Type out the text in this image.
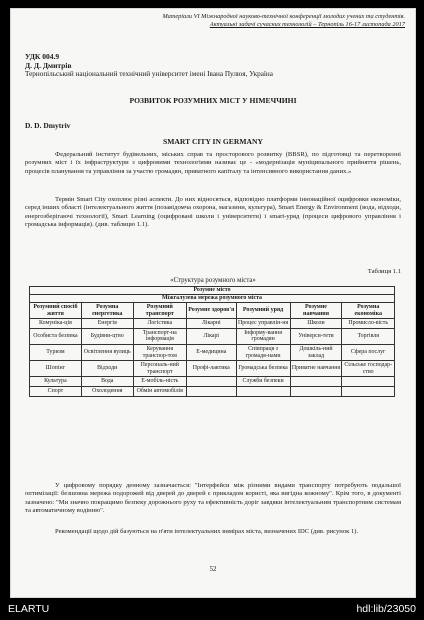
Матеріали VI Міжнародної науково-технічної конференції молодих учених та студентів.
Актуальні задачі сучасних технологій – Тернопіль 16-17 листопада 2017
УДК 004.9
Д. Д. Дмитрів
Тернопільський національний технічний університет імені Івана Пулюя, Україна
РОЗВИТОК РОЗУМНИХ МІСТ У НІМЕЧЧИНІ
D. D. Dmytriv
SMART CITY IN GERMANY
Федеральний інститут будівельних, міських справ та просторового розвитку (BBSR), по підготовці та перетворенні розумних міст і їх інфраструктури з цифровими технологіями називає це - «модернізація муніципального прийняття рішень, процесів планування та управління за участю громадян, приватного капіталу та інтенсивного використання даних.»
Термін Smart City охоплює різні аспекти. До них відносяться, відповідно платформи інноваційної оцифровки економіки, серед інших області (інтелектуального життя (позавідомча охорона, магазини, культура), Smart Energy & Environment (вода, відходи, енергозберігаючі технології), Smart Learning (оцифровані школи і університети) і smart-уряд (процеси цифрового управління і громадська інформація). (див. таблицю 1.1).
Таблиця 1.1
«Структура розумного міста»
Розумне місто						
Міжгалузева мережа розумного міста						
Розумний спосіб життя	Розумна енергетика	Розумний транспорт	Розумне здоров'я	Розумний уряд	Розумне навчання	Розумна економіка
Комуніка-ція	Енергія	Логістика	Лікарні	Процес управлін-ня	Школи	Промисло-вість
Особиста безпека	Будівни-цтво	Транспорт-на інформація	Лікарі	Інформу-вання громадян	Універси-тети	Торгівля
Туризм	Освітлення вулиць	Керування транспор-том	Е-медицина	Співпраця з громадя-нами	Дошкіль-ний заклад	Сфера послуг
Шопінг	Відходи	Персональ-ний транспорт	Профі-лактика	Громадська безпека	Приватне навчання	Сільське господар-ство
Культура	Вода	Е-мобіль-ність		Служби безпеки		
Спорт	Охолодення	Обмін автомобілів				
У цифровому порядку денному зазначається: "Інтерфейси між різними видами транспорту потребують подальшої оптимізації: безшовна мережа подорожей від дверей до дверей є прикладом користі, яка вигідна кожному". Крім того, в документі зазначено: "Ми значно покращимо безпеку дорожнього руху та ефективність доріг завдяки інтелектуальним транспортним системам та автоматичному водінню".
Рекомендації щодо дій базуються на п'яти інтелектуальних вимірах міста, визначених IDC (див. рисунок 1).
52
ELARTU	hdl:lib/23050
